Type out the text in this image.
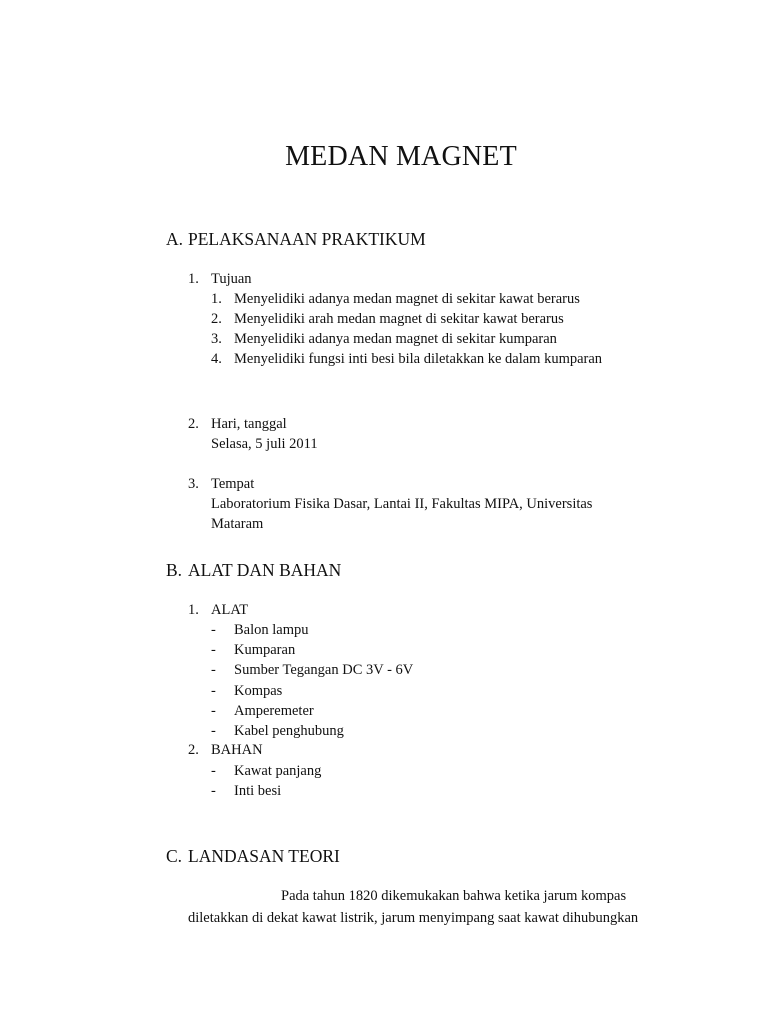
MEDAN MAGNET
A. PELAKSANAAN PRAKTIKUM
1. Tujuan
1. Menyelidiki adanya medan magnet di sekitar kawat berarus
2. Menyelidiki arah medan magnet di sekitar kawat berarus
3. Menyelidiki adanya medan magnet di sekitar kumparan
4. Menyelidiki fungsi inti besi bila diletakkan ke dalam kumparan
2. Hari, tanggal
Selasa, 5 juli 2011
3. Tempat
Laboratorium Fisika Dasar, Lantai II, Fakultas MIPA, Universitas
Mataram
B. ALAT DAN BAHAN
1. ALAT
- Balon lampu
- Kumparan
- Sumber Tegangan DC 3V - 6V
- Kompas
- Amperemeter
- Kabel penghubung
2. BAHAN
- Kawat panjang
- Inti besi
C. LANDASAN TEORI
Pada tahun 1820 dikemukakan bahwa ketika jarum kompas
diletakkan di dekat kawat listrik, jarum menyimpang saat kawat dihubungkan
